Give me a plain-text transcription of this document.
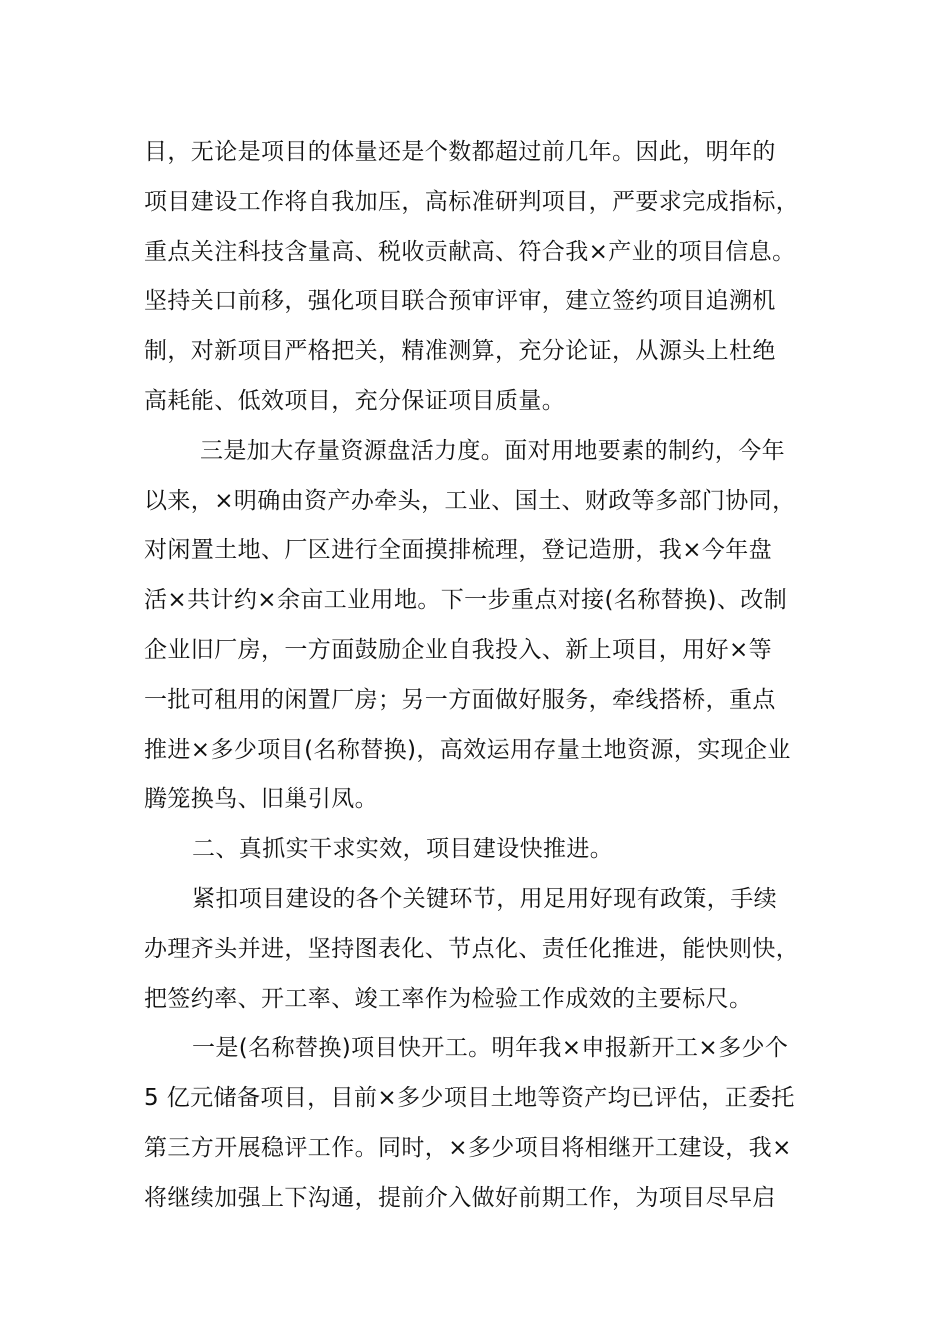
目，无论是项目的体量还是个数都超过前几年。因此，明年的
项目建设工作将自我加压，高标准研判项目，严要求完成指标，
重点关注科技含量高、税收贡献高、符合我×产业的项目信息。
坚持关口前移，强化项目联合预审评审，建立签约项目追溯机
制，对新项目严格把关，精准测算，充分论证，从源头上杜绝
高耗能、低效项目，充分保证项目质量。
三是加大存量资源盘活力度。面对用地要素的制约，今年
以来，×明确由资产办牵头，工业、国土、财政等多部门协同，
对闲置土地、厂区进行全面摸排梳理，登记造册，我×今年盘
活×共计约×余亩工业用地。下一步重点对接(名称替换)、改制
企业旧厂房，一方面鼓励企业自我投入、新上项目，用好×等
一批可租用的闲置厂房；另一方面做好服务，牵线搭桥，重点
推进×多少项目(名称替换)，高效运用存量土地资源，实现企业
腾笼换鸟、旧巢引凤。
二、真抓实干求实效，项目建设快推进。
紧扣项目建设的各个关键环节，用足用好现有政策，手续
办理齐头并进，坚持图表化、节点化、责任化推进，能快则快，
把签约率、开工率、竣工率作为检验工作成效的主要标尺。
一是(名称替换)项目快开工。明年我×申报新开工×多少个
5 亿元储备项目，目前×多少项目土地等资产均已评估，正委托
第三方开展稳评工作。同时，×多少项目将相继开工建设，我×
将继续加强上下沟通，提前介入做好前期工作，为项目尽早启
